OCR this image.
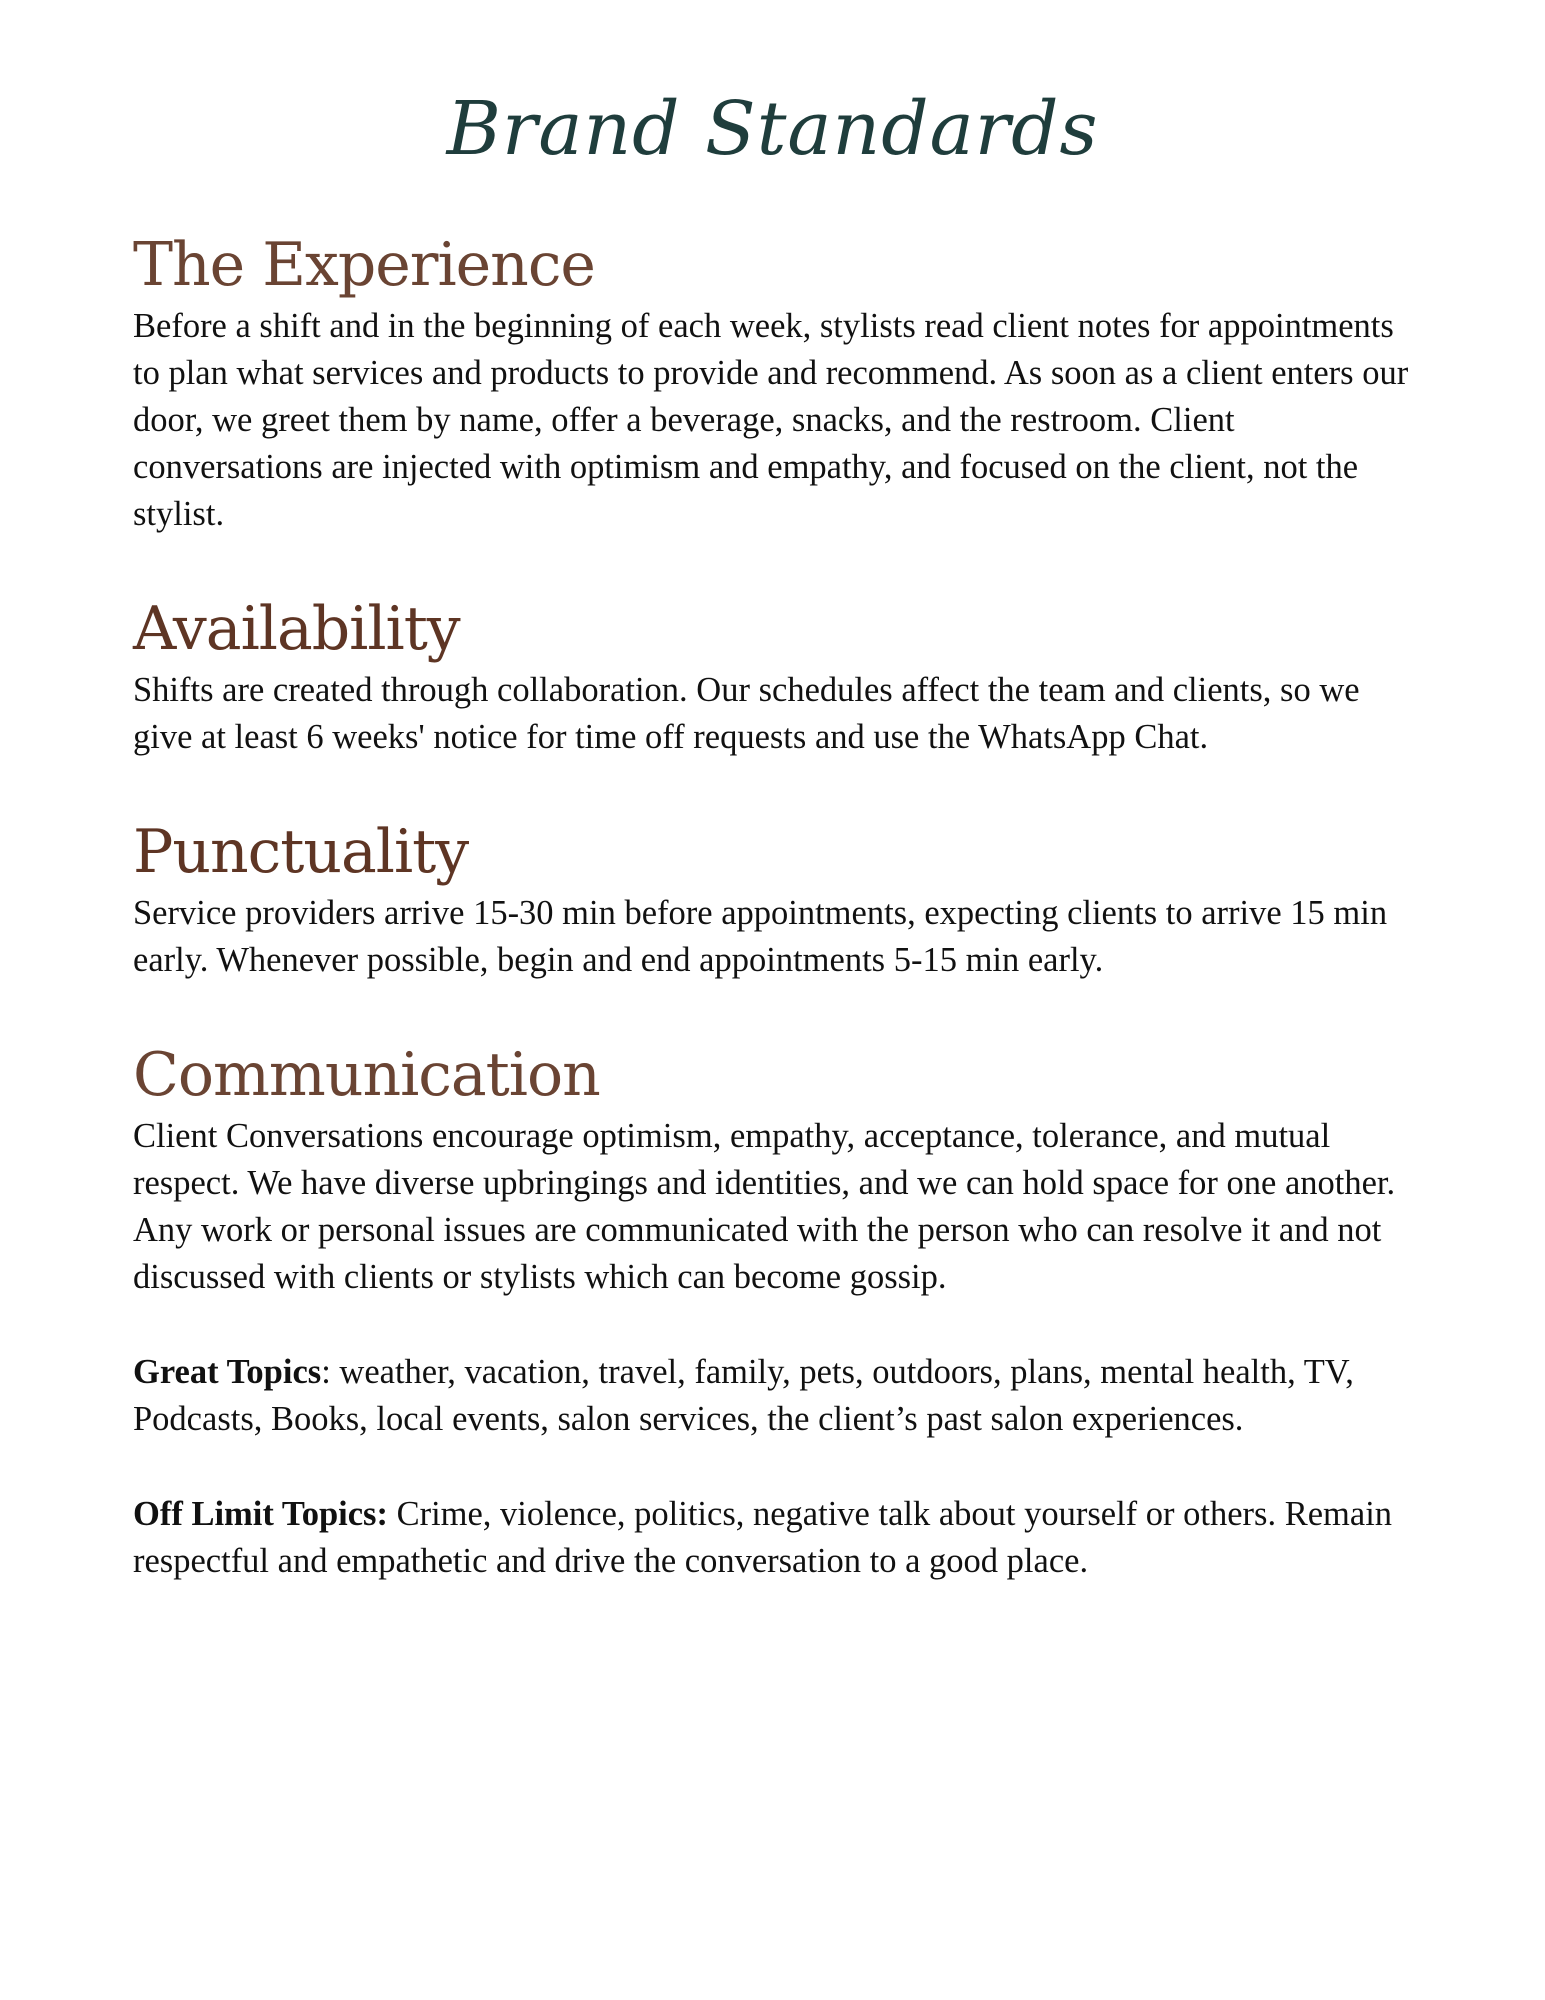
Brand Standards
The Experience

Before a shift and in the beginning of each week, stylists read client notes for appointments to plan what services and products to provide and recommend. As soon as a client enters our door, we greet them by name, offer a beverage, snacks, and the restroom. Client conversations are injected with optimism and empathy, and focused on the client, not the stylist.

Availability

Shifts are created through collaboration. Our schedules affect the team and clients, so we give at least 6 weeks' notice for time off requests and use the WhatsApp Chat.

Punctuality

Service providers arrive 15-30 min before appointments, expecting clients to arrive 15 min early. Whenever possible, begin and end appointments 5-15 min early.

Communication

Client Conversations encourage optimism, empathy, acceptance, tolerance, and mutual respect. We have diverse upbringings and identities, and we can hold space for one another. Any work or personal issues are communicated with the person who can resolve it and not discussed with clients or stylists which can become gossip.

Great Topics: weather, vacation, travel, family, pets, outdoors, plans, mental health, TV, Podcasts, Books, local events, salon services, the client’s past salon experiences.

Off Limit Topics: Crime, violence, politics, negative talk about yourself or others. Remain respectful and empathetic and drive the conversation to a good place.
